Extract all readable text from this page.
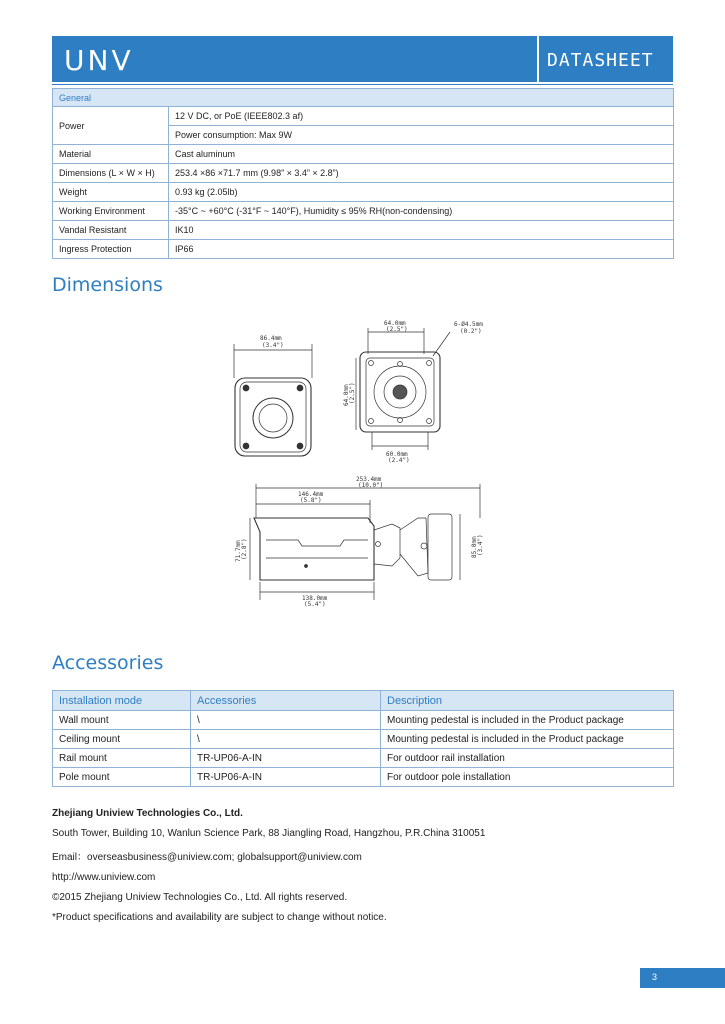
UNV	DATASHEET
General	
Power	12 V DC, or PoE (IEEE802.3 af)
	Power consumption: Max 9W
Material	Cast aluminum
Dimensions (L × W × H)	253.4 ×86 ×71.7 mm (9.98” × 3.4” × 2.8”)
Weight	0.93 kg (2.05lb)
Working Environment	-35°C ~ +60°C (-31°F ~ 140°F), Humidity ≤ 95% RH(non-condensing)
Vandal Resistant	IK10
Ingress Protection	IP66
Dimensions
86.4mm
(3.4")
64.0mm
(2.5")
6-Ø4.5mm
(0.2")
64.0mm (2.5")
60.0mm
(2.4")
253.4mm
(10.0")
146.4mm
(5.8")
71.7mm (2.8")	85.0mm (3.4")
138.0mm
(5.4")
Accessories
Installation mode	Accessories	Description
Wall mount	\	Mounting pedestal is included in the Product package
Ceiling mount	\	Mounting pedestal is included in the Product package
Rail mount	TR-UP06-A-IN	For outdoor rail installation
Pole mount	TR-UP06-A-IN	For outdoor pole installation
Zhejiang Uniview Technologies Co., Ltd.
South Tower, Building 10, Wanlun Science Park, 88 Jiangling Road, Hangzhou, P.R.China 310051
Email：overseasbusiness@uniview.com; globalsupport@uniview.com
http://www.uniview.com
©2015 Zhejiang Uniview Technologies Co., Ltd. All rights reserved.
*Product specifications and availability are subject to change without notice.
3
